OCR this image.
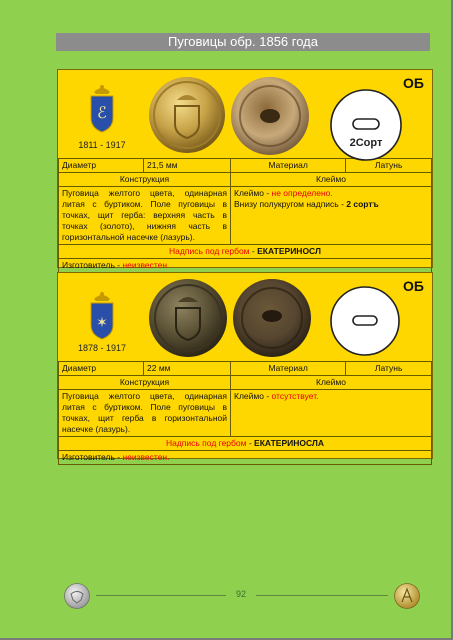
Пуговицы обр. 1856 года
ℰ
1811 - 1917	2Сорт
ОБ
Диаметр	21,5 мм	Материал	Латунь
Конструкция		Клеймо	
Пуговица желтого цвета, одинарная литая с буртиком. Поле пуговицы в точках, щит герба: верхняя часть в точках (золото), нижняя часть в горизонтальной насечке (лазурь).		Клеймо - не определено.
Внизу полукругом надпись - 2 сортъ	

Надпись под гербом - ЕКАТЕРИНОСЛ			
Изготовитель - неизвестен			
✶
1878 - 1917
ОБ
Диаметр	22 мм	Материал	Латунь
Конструкция		Клеймо	
Пуговица желтого цвета, одинарная литая с буртиком. Поле пуговицы в точках, щит герба в горизонтальной насечке (лазурь).		Клеймо - отсутствует.	
Надпись под гербом - ЕКАТЕРИНОСЛА			
Изготовитель - неизвестен.			
92
